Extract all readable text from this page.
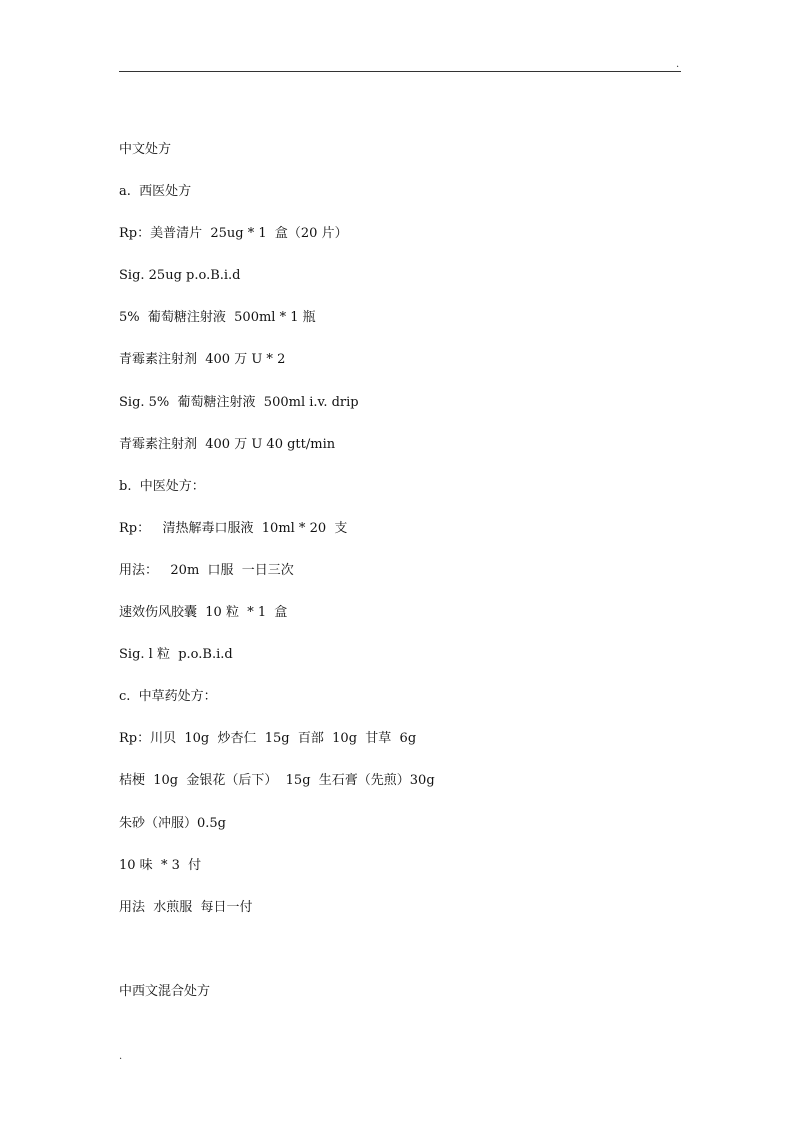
.
中文处方
a.  西医处方
Rp：美普清片  25ug * 1  盒（20 片）
Sig. 25ug p.o.B.i.d
5%  葡萄糖注射液  500ml * 1 瓶
青霉素注射剂  400 万 U * 2
Sig. 5%  葡萄糖注射液  500ml i.v. drip
青霉素注射剂  400 万 U 40 gtt/min
b.  中医处方：
Rp：   清热解毒口服液  10ml * 20  支
用法：   20m  口服  一日三次
速效伤风胶囊  10 粒  * 1  盒
Sig. l 粒  p.o.B.i.d
c.  中草药处方：
Rp：川贝  10g  炒杏仁  15g  百部  10g  甘草  6g
桔梗  10g  金银花（后下）  15g  生石膏（先煎）30g
朱砂（冲服）0.5g
10 味  * 3  付
用法  水煎服  每日一付
中西文混合处方
.
